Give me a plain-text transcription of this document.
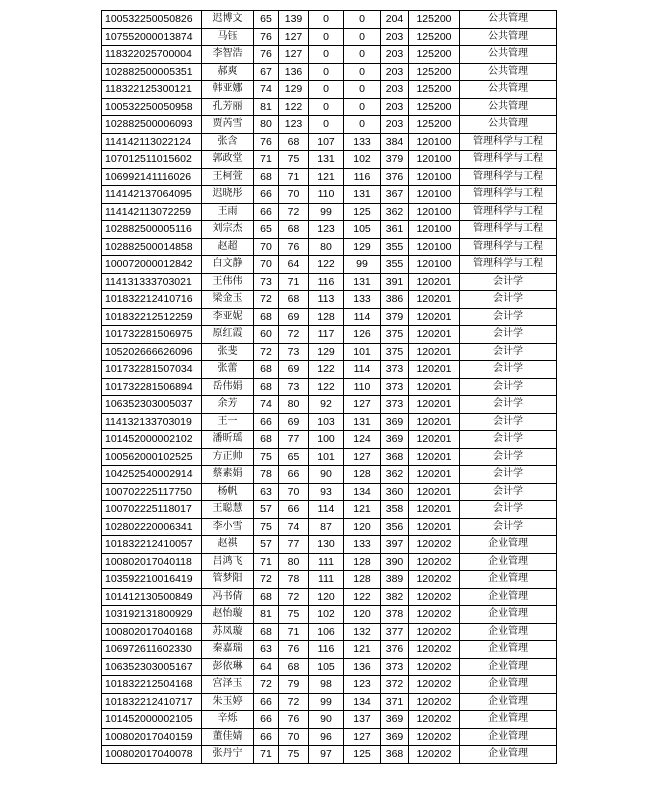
100532250050826	迟博文	65	139	0	0	204	125200	公共管理
107552000013874	马钰	76	127	0	0	203	125200	公共管理
118322025700004	李智浩	76	127	0	0	203	125200	公共管理
102882500005351	郝爽	67	136	0	0	203	125200	公共管理
118322125300121	韩亚娜	74	129	0	0	203	125200	公共管理
100532250050958	孔芳丽	81	122	0	0	203	125200	公共管理
102882500006093	贾芮雪	80	123	0	0	203	125200	公共管理
114142113022124	张含	76	68	107	133	384	120100	管理科学与工程
107012511015602	郭政堂	71	75	131	102	379	120100	管理科学与工程
106992141116026	王柯萱	68	71	121	116	376	120100	管理科学与工程
114142137064095	迟晓彤	66	70	110	131	367	120100	管理科学与工程
114142113072259	王雨	66	72	99	125	362	120100	管理科学与工程
102882500005116	刘宗杰	65	68	123	105	361	120100	管理科学与工程
102882500014858	赵超	70	76	80	129	355	120100	管理科学与工程
100072000012842	白文静	70	64	122	99	355	120100	管理科学与工程
114131333703021	王伟伟	73	71	116	131	391	120201	会计学
101832212410716	梁金玉	72	68	113	133	386	120201	会计学
101832212512259	李亚妮	68	69	128	114	379	120201	会计学
101732281506975	原红霞	60	72	117	126	375	120201	会计学
105202666626096	张斐	72	73	129	101	375	120201	会计学
101732281507034	张蕾	68	69	122	114	373	120201	会计学
101732281506894	岳伟娟	68	73	122	110	373	120201	会计学
106352303005037	余芳	74	80	92	127	373	120201	会计学
114132133703019	王一	66	69	103	131	369	120201	会计学
101452000002102	潘昕瑶	68	77	100	124	369	120201	会计学
100562000102525	方正帅	75	65	101	127	368	120201	会计学
104252540002914	蔡素娟	78	66	90	128	362	120201	会计学
100702225117750	杨帆	63	70	93	134	360	120201	会计学
100702225118017	王聪慧	57	66	114	121	358	120201	会计学
102802220006341	李小雪	75	74	87	120	356	120201	会计学
101832212410057	赵祺	57	77	130	133	397	120202	企业管理
100802017040118	吕鸿飞	71	80	111	128	390	120202	企业管理
103592210016419	管梦阳	72	78	111	128	389	120202	企业管理
101412130500849	冯书倩	68	72	120	122	382	120202	企业管理
103192131800929	赵怡璇	81	75	102	120	378	120202	企业管理
100802017040168	苏凤璇	68	71	106	132	377	120202	企业管理
106972611602330	秦嘉瑞	63	76	116	121	376	120202	企业管理
106352303005167	彭依琳	64	68	105	136	373	120202	企业管理
101832212504168	宫泽玉	72	79	98	123	372	120202	企业管理
101832212410717	朱玉婷	66	72	99	134	371	120202	企业管理
101452000002105	辛烁	66	76	90	137	369	120202	企业管理
100802017040159	董佳婧	66	70	96	127	369	120202	企业管理
100802017040078	张丹宁	71	75	97	125	368	120202	企业管理
